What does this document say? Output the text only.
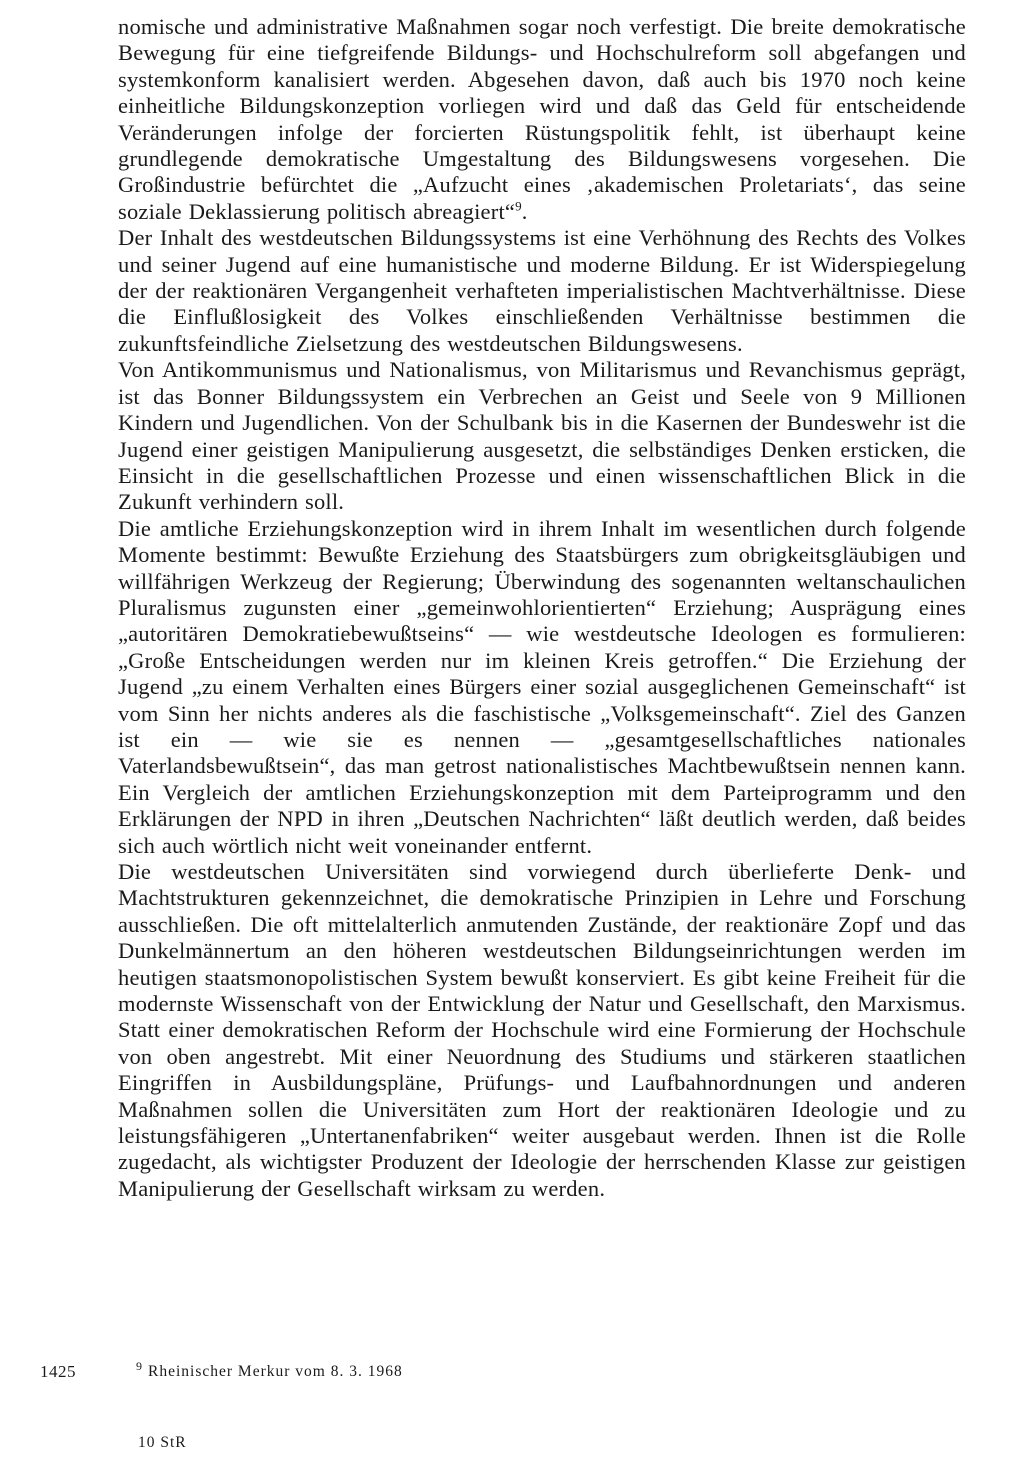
nomische und administrative Maßnahmen sogar noch verfestigt. Die breite demokratische Bewegung für eine tiefgreifende Bildungs- und Hochschulreform soll abgefangen und systemkonform kanalisiert werden. Abgesehen davon, daß auch bis 1970 noch keine einheitliche Bildungskonzeption vorliegen wird und daß das Geld für entscheidende Veränderungen infolge der forcierten Rüstungspolitik fehlt, ist überhaupt keine grundlegende demokratische Umgestaltung des Bildungswesens vorgesehen. Die Großindustrie befürchtet die „Aufzucht eines ‚akademischen Proletariats‘, das seine soziale Deklassierung politisch abreagiert“$^9$.

Der Inhalt des westdeutschen Bildungssystems ist eine Verhöhnung des Rechts des Volkes und seiner Jugend auf eine humanistische und moderne Bildung. Er ist Widerspiegelung der der reaktionären Vergangenheit verhafteten imperialistischen Machtverhältnisse. Diese die Einflußlosigkeit des Volkes einschließenden Verhältnisse bestimmen die zukunftsfeindliche Zielsetzung des westdeutschen Bildungswesens.

Von Antikommunismus und Nationalismus, von Militarismus und Revanchismus geprägt, ist das Bonner Bildungssystem ein Verbrechen an Geist und Seele von 9 Millionen Kindern und Jugendlichen. Von der Schulbank bis in die Kasernen der Bundeswehr ist die Jugend einer geistigen Manipulierung ausgesetzt, die selbständiges Denken ersticken, die Einsicht in die gesellschaftlichen Prozesse und einen wissenschaftlichen Blick in die Zukunft verhindern soll.

Die amtliche Erziehungskonzeption wird in ihrem Inhalt im wesentlichen durch folgende Momente bestimmt: Bewußte Erziehung des Staatsbürgers zum obrigkeitsgläubigen und willfährigen Werkzeug der Regierung; Überwindung des sogenannten weltanschaulichen Pluralismus zugunsten einer „gemeinwohlorientierten“ Erziehung; Ausprägung eines „autoritären Demokratiebewußtseins“ — wie westdeutsche Ideologen es formulieren: „Große Entscheidungen werden nur im kleinen Kreis getroffen.“ Die Erziehung der Jugend „zu einem Verhalten eines Bürgers einer sozial ausgeglichenen Gemeinschaft“ ist vom Sinn her nichts anderes als die faschistische „Volksgemeinschaft“. Ziel des Ganzen ist ein — wie sie es nennen — „gesamtgesellschaftliches nationales Vaterlandsbewußtsein“, das man getrost nationalistisches Machtbewußtsein nennen kann. Ein Vergleich der amtlichen Erziehungskonzeption mit dem Parteiprogramm und den Erklärungen der NPD in ihren „Deutschen Nachrichten“ läßt deutlich werden, daß beides sich auch wörtlich nicht weit voneinander entfernt.

Die westdeutschen Universitäten sind vorwiegend durch überlieferte Denk- und Machtstrukturen gekennzeichnet, die demokratische Prinzipien in Lehre und Forschung ausschließen. Die oft mittelalterlich anmutenden Zustände, der reaktionäre Zopf und das Dunkelmännertum an den höheren westdeutschen Bildungseinrichtungen werden im heutigen staatsmonopolistischen System bewußt konserviert. Es gibt keine Freiheit für die modernste Wissenschaft von der Entwicklung der Natur und Gesellschaft, den Marxismus. Statt einer demokratischen Reform der Hochschule wird eine Formierung der Hochschule von oben angestrebt. Mit einer Neuordnung des Studiums und stärkeren staatlichen Eingriffen in Ausbildungspläne, Prüfungs- und Laufbahnordnungen und anderen Maßnahmen sollen die Universitäten zum Hort der reaktionären Ideologie und zu leistungsfähigeren „Untertanenfabriken“ weiter ausgebaut werden. Ihnen ist die Rolle zugedacht, als wichtigster Produzent der Ideologie der herrschenden Klasse zur geistigen Manipulierung der Gesellschaft wirksam zu werden.

1425	$^9$ Rheinischer Merkur vom 8. 3. 1968
10 StR
